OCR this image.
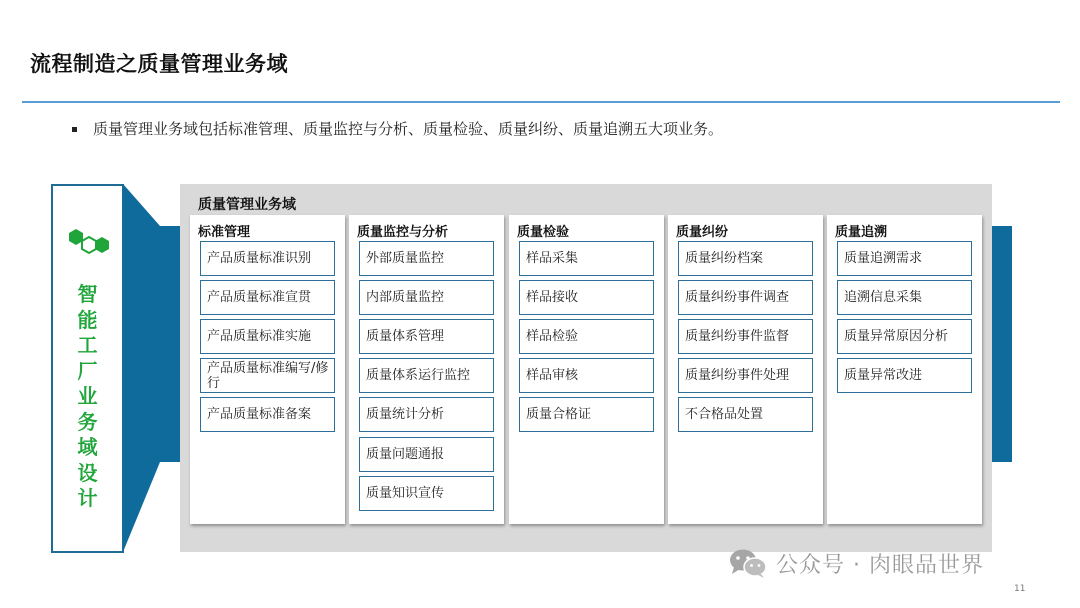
流程制造之质量管理业务域
质量管理业务域包括标准管理、质量监控与分析、质量检验、质量纠纷、质量追溯五大项业务。
智
能
工
厂
业
务
域
设
计
质量管理业务域
标准管理
产品质量标准识别
产品质量标准宣贯
产品质量标准实施
产品质量标准编写/修行
产品质量标准备案
质量监控与分析
外部质量监控
内部质量监控
质量体系管理
质量体系运行监控
质量统计分析
质量问题通报
质量知识宣传
质量检验
样品采集
样品接收
样品检验
样品审核
质量合格证
质量纠纷
质量纠纷档案
质量纠纷事件调查
质量纠纷事件监督
质量纠纷事件处理
不合格品处置
质量追溯
质量追溯需求
追溯信息采集
质量异常原因分析
质量异常改进
公众号 · 肉眼品世界
11
